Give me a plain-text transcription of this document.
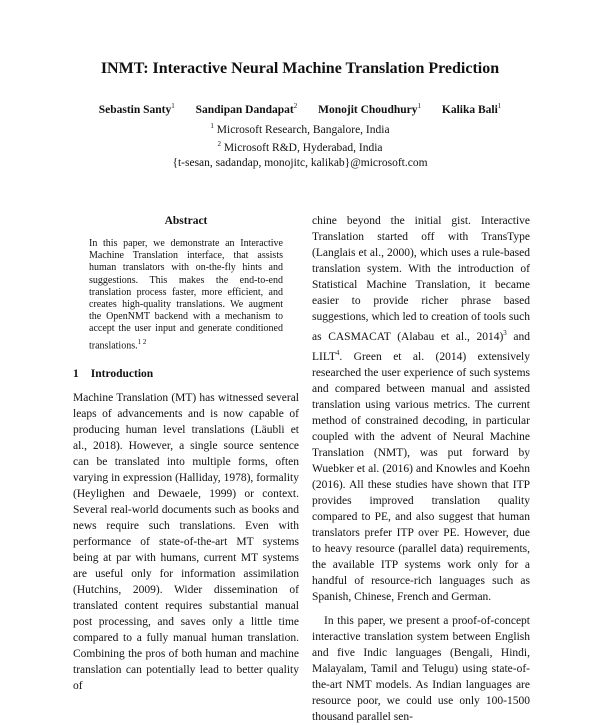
INMT: Interactive Neural Machine Translation Prediction
Sebastin Santy$^1$ Sandipan Dandapat$^2$ Monojit Choudhury$^1$ Kalika Bali$^1$
$^1$ Microsoft Research, Bangalore, India
$^2$ Microsoft R&D, Hyderabad, India
{t-sesan, sadandap, monojitc, kalikab}@microsoft.com
Abstract
In this paper, we demonstrate an Interactive Machine Translation interface, that assists human translators with on-the-fly hints and suggestions. This makes the end-to-end translation process faster, more efficient, and creates high-quality translations. We augment the OpenNMT backend with a mechanism to accept the user input and generate conditioned translations.$^{1 2}$
1 Introduction

Machine Translation (MT) has witnessed several leaps of advancements and is now capable of producing human level translations (Läubli et al., 2018). However, a single source sentence can be translated into multiple forms, often varying in expression (Halliday, 1978), formality (Heylighen and Dewaele, 1999) or context. Several real-world documents such as books and news require such translations. Even with performance of state-of-the-art MT systems being at par with humans, current MT systems are useful only for information assimilation (Hutchins, 2009). Wider dissemination of translated content requires substantial manual post processing, and saves only a little time compared to a fully manual human translation. Combining the pros of both human and machine translation can potentially lead to better quality of

chine beyond the initial gist. Interactive Translation started off with TransType (Langlais et al., 2000), which uses a rule-based translation system. With the introduction of Statistical Machine Translation, it became easier to provide richer phrase based suggestions, which led to creation of tools such as CASMACAT (Alabau et al., 2014)$^3$ and LILT$^4$. Green et al. (2014) extensively researched the user experience of such systems and compared between manual and assisted translation using various metrics. The current method of constrained decoding, in particular coupled with the advent of Neural Machine Translation (NMT), was put forward by Wuebker et al. (2016) and Knowles and Koehn (2016). All these studies have shown that ITP provides improved translation quality compared to PE, and also suggest that human translators prefer ITP over PE. However, due to heavy resource (parallel data) requirements, the available ITP systems work only for a handful of resource-rich languages such as Spanish, Chinese, French and German.

In this paper, we present a proof-of-concept interactive translation system between English and five Indic languages (Bengali, Hindi, Malayalam, Tamil and Telugu) using state-of-the-art NMT models. As Indian languages are resource poor, we could use only 100-1500 thousand parallel sen-
